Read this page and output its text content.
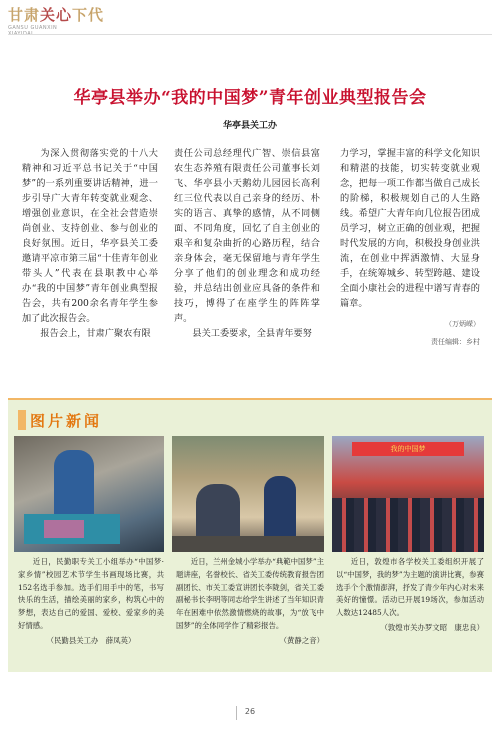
甘肃关心下代
GANSU GUANXIN
XIAYIDAI
华亭县举办“我的中国梦”青年创业典型报告会
华亭县关工办

为深入贯彻落实党的十八大精神和习近平总书记关于“中国梦”的一系列重要讲话精神，进一步引导广大青年转变就业观念、增强创业意识，在全社会营造崇尚创业、支持创业、参与创业的良好氛围。近日，华亭县关工委邀请平凉市第三届“十佳青年创业带头人”代表在县职教中心举办“我的中国梦”青年创业典型报告会，共有200余名青年学生参加了此次报告会。

报告会上，甘肃广聚农有限

责任公司总经理代广智、崇信县富农生态养殖有限责任公司董事长刘飞、华亭县小天鹅幼儿园园长高利红三位代表以自己亲身的经历、朴实的语言、真挚的感情，从不同侧面、不同角度，回忆了自主创业的艰辛和复杂曲折的心路历程，结合亲身体会，毫无保留地与青年学生分享了他们的创业理念和成功经验，并总结出创业应具备的条件和技巧，博得了在座学生的阵阵掌声。

县关工委要求，全县青年要努

力学习，掌握丰富的科学文化知识和精湛的技能，切实转变就业观念，把每一项工作都当做自己成长的阶梯，积极规划自己的人生路线。希望广大青年向几位报告团成员学习，树立正确的创业观，把握时代发展的方向，积极投身创业洪流，在创业中挥洒激情、大显身手，在统筹城乡、转型跨越、建设全面小康社会的进程中谱写青春的篇章。

（万炳嵘）
责任编辑：乡村
图片新闻
我的中国梦

近日，民勤职专关工小组举办“中国梦·家乡情”校园艺术节学生书画现场比赛，共152名选手参加。选手们用手中的笔，书写快乐的生活，描绘美丽的家乡，构筑心中的梦想，表达自己的爱国、爱校、爱家乡的美好情感。

（民勤县关工办　薛凤英）

近日，兰州金城小学举办“典範中国梦”主题讲座，名誉校长、省关工委传统教育报告团副团长、市关工委宣讲团长李陇剑，省关工委副秘书长李明等同志给学生讲述了当年知识青年在困难中依然激情燃烧的故事，为“放飞中国梦”的全体同学作了精彩报告。

（黄静之音）

近日，敦煌市各学校关工委组织开展了以“中国梦，我的梦”为主题的演讲比赛，参赛选手个个激情澎湃，抒发了青少年内心对未来美好的憧憬。活动已开展19场次，参加活动人数达12485人次。

（敦煌市关办罗文昭　康忠良）

26
